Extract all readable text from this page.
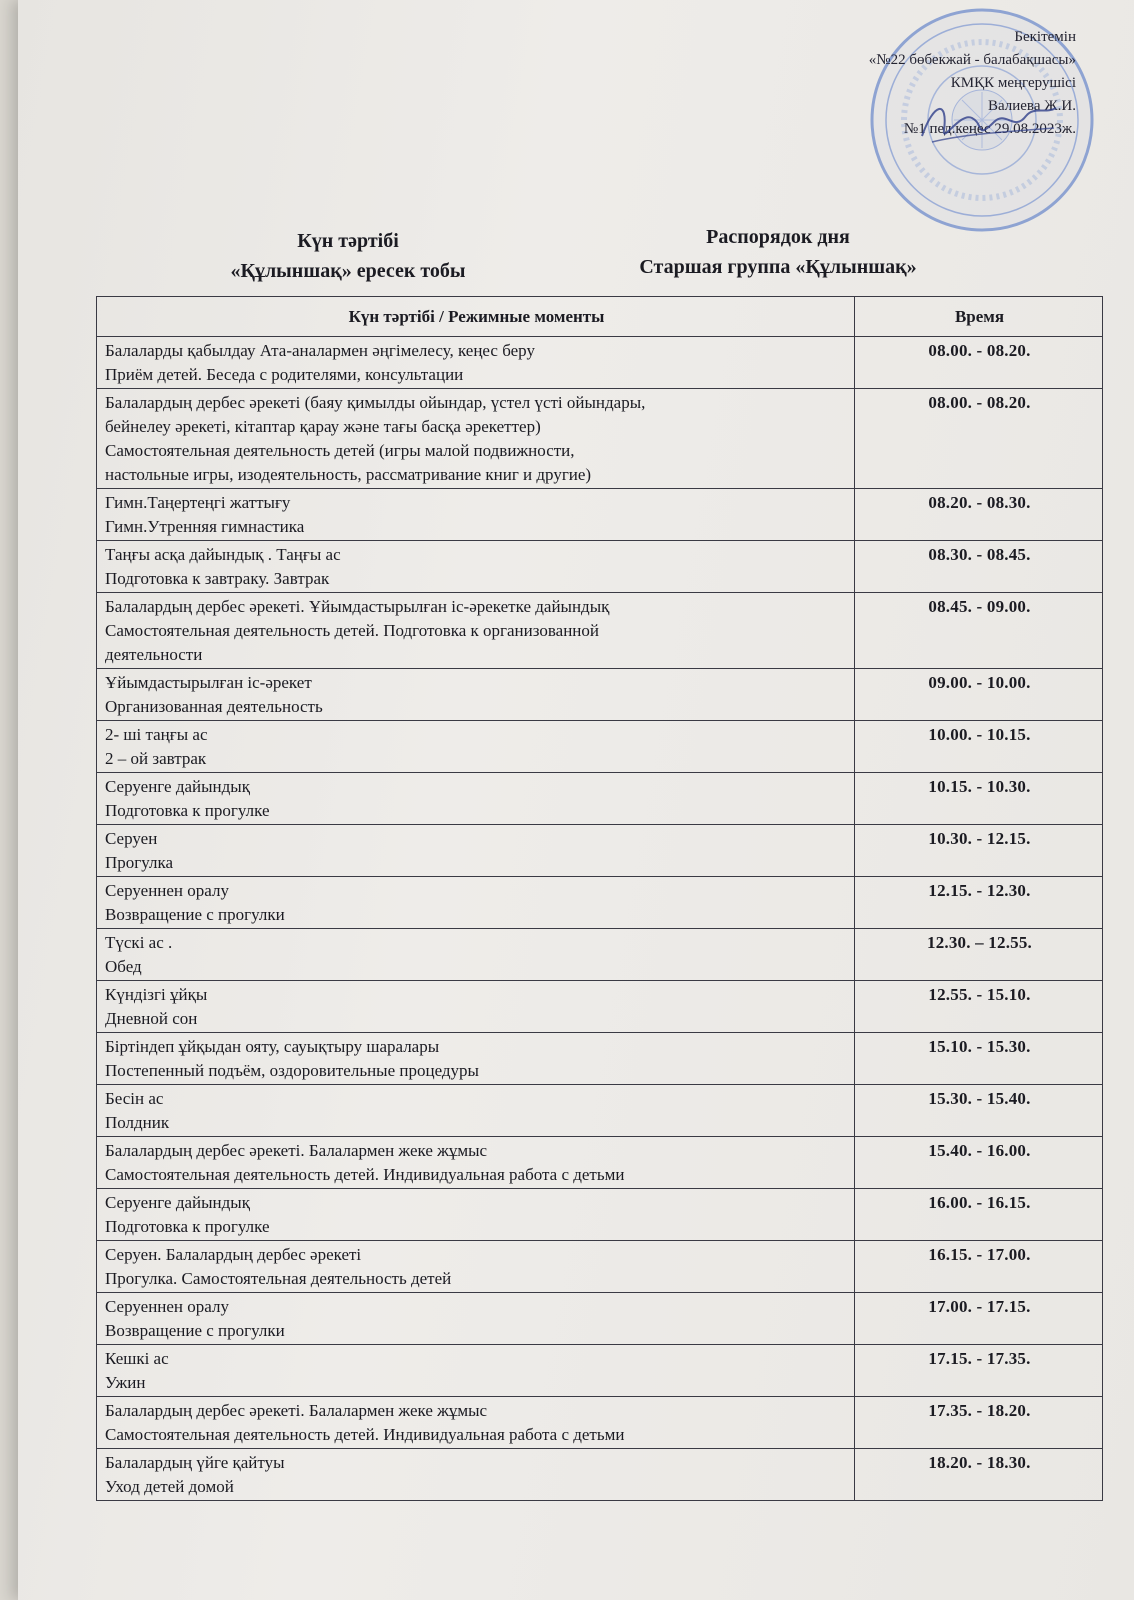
Бекітемін
«№22 бөбекжай - балабақшасы»
КМҚК меңгерушісі
Валиева Ж.И.
№1 пед.кеңес 29.08.2023ж.
Күн тәртібі
«Құлыншақ» ересек тобы
Распорядок дня
Старшая группа «Құлыншақ»
Күн тәртібі / Режимные моменты	Время

Балаларды қабылдау Ата-аналармен әңгімелесу, кеңес беру
Приём детей. Беседа с родителями, консультации	08.00. - 08.20.

Балалардың дербес әрекеті (баяу қимылды ойындар, үстел үсті ойындары,
бейнелеу әрекеті, кітаптар қарау және тағы басқа әрекеттер)
Самостоятельная деятельность детей (игры малой подвижности,
настольные игры, изодеятельность, рассматривание книг и другие)	08.00. - 08.20.

Гимн.Таңертеңгі жаттығу
Гимн.Утренняя гимнастика	08.20. - 08.30.

Таңғы асқа дайындық . Таңғы ас
Подготовка к завтраку. Завтрак	08.30. - 08.45.

Балалардың дербес әрекеті. Ұйымдастырылған іс-әрекетке дайындық
Самостоятельная деятельность детей. Подготовка к организованной
деятельности	08.45. - 09.00.

Ұйымдастырылған іс-әрекет
Организованная деятельность	09.00. - 10.00.

2- ші таңғы ас
2 – ой завтрак	10.00. - 10.15.

Серуенге дайындық
Подготовка к прогулке	10.15. - 10.30.

Серуен
Прогулка	10.30. - 12.15.

Серуеннен оралу
Возвращение с прогулки	12.15. - 12.30.

Түскі ас .
Обед	12.30. – 12.55.

Күндізгі ұйқы
Дневной сон	12.55. - 15.10.

Біртіндеп ұйқыдан ояту, сауықтыру шаралары
Постепенный подъём, оздоровительные процедуры	15.10. - 15.30.

Бесін ас
Полдник	15.30. - 15.40.

Балалардың дербес әрекеті. Балалармен жеке жұмыс
Самостоятельная деятельность детей. Индивидуальная работа с детьми	15.40. - 16.00.

Серуенге дайындық
Подготовка к прогулке	16.00. - 16.15.

Серуен. Балалардың дербес әрекеті
Прогулка. Самостоятельная деятельность детей	16.15. - 17.00.

Серуеннен оралу
Возвращение с прогулки	17.00. - 17.15.

Кешкі ас
Ужин	17.15. - 17.35.

Балалардың дербес әрекеті. Балалармен жеке жұмыс
Самостоятельная деятельность детей. Индивидуальная работа с детьми	17.35. - 18.20.

Балалардың үйге қайтуы
Уход детей домой	18.20. - 18.30.
